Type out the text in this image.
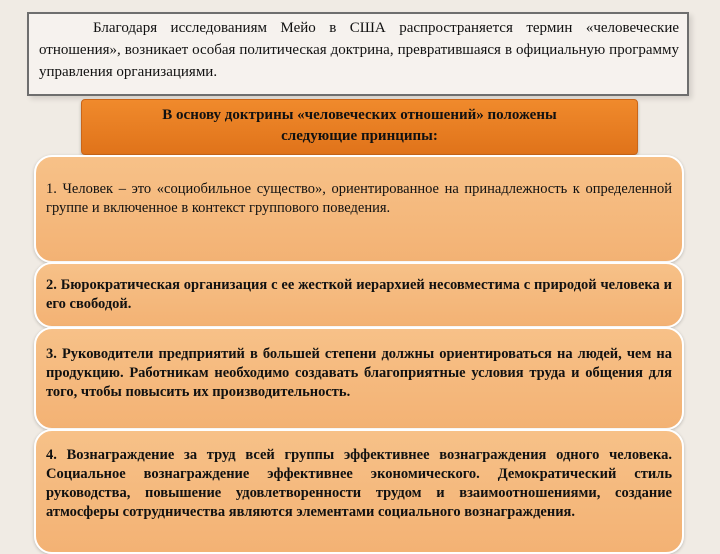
Благодаря исследованиям Мейо в США распространяется термин «человеческие отношения», возникает особая политическая доктрина, превратившаяся в официальную программу управления организациями.

В основу доктрины «человеческих отношений» положены
следующие принципы:

1. Человек – это «социобильное существо», ориентированное на принадлежность к определенной группе и включенное в контекст группового поведения.

2. Бюрократическая организация с ее жесткой иерархией несовместима с природой человека и его свободой.

3. Руководители предприятий в большей степени должны ориентироваться на людей, чем на продукцию. Работникам необходимо создавать благоприятные условия труда и общения для того, чтобы повысить их производительность.

4. Вознаграждение за труд всей группы эффективнее вознаграждения одного человека. Социальное вознаграждение эффективнее экономического. Демократический стиль руководства, повышение удовлетворенности трудом и взаимоотношениями, создание атмосферы сотрудничества являются элементами социального вознаграждения.
